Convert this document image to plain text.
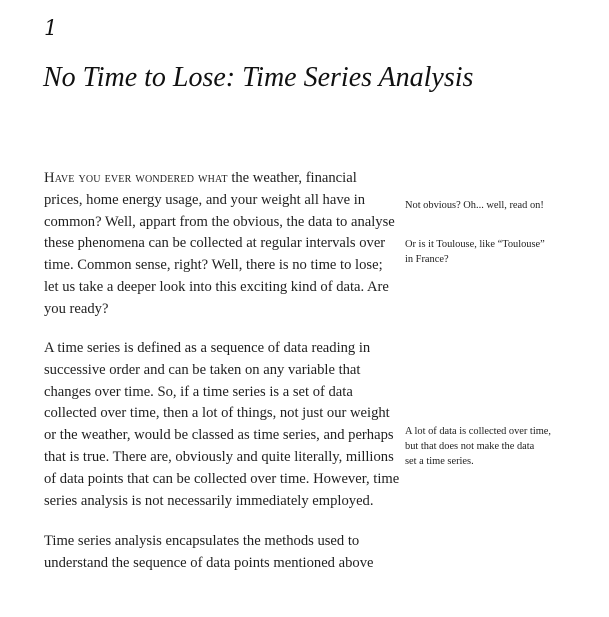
1
No Time to Lose: Time Series Analysis

Have you ever wondered what the weather, financial
prices, home energy usage, and your weight all have in
common? Well, appart from the obvious, the data to analyse
these phenomena can be collected at regular intervals over
time. Common sense, right? Well, there is no time to lose;
let us take a deeper look into this exciting kind of data. Are
you ready?

A time series is defined as a sequence of data reading in
successive order and can be taken on any variable that
changes over time. So, if a time series is a set of data
collected over time, then a lot of things, not just our weight
or the weather, would be classed as time series, and perhaps
that is true. There are, obviously and quite literally, millions
of data points that can be collected over time. However, time
series analysis is not necessarily immediately employed.

Time series analysis encapsulates the methods used to
understand the sequence of data points mentioned above

Not obvious? Oh... well, read on!

Or is it Toulouse, like “Toulouse”
in France?

A lot of data is collected over time,
but that does not make the data
set a time series.
